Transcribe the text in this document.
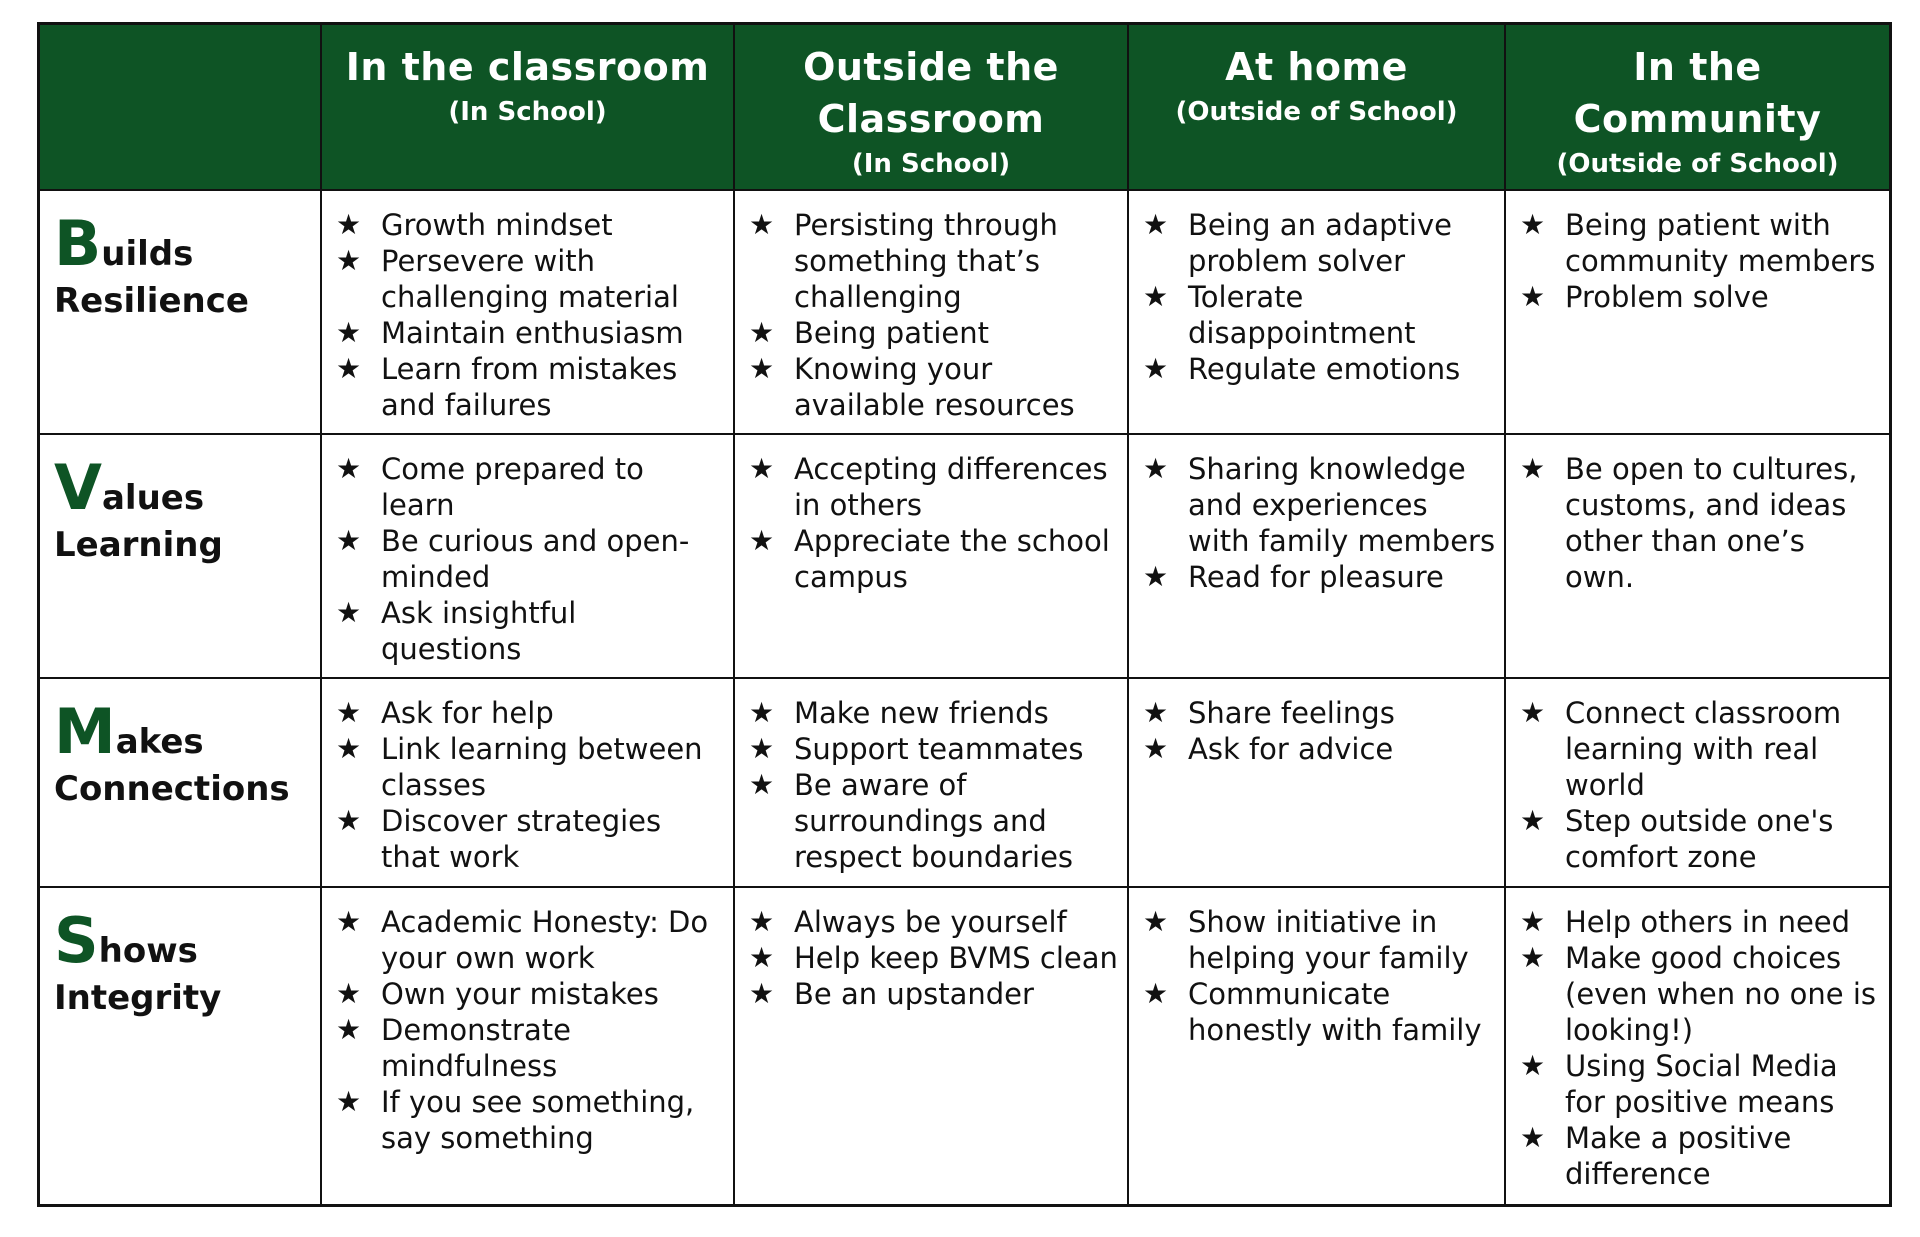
In the classroom
(In School)
Outside the
Classroom
(In School)
At home
(Outside of School)
In the Community
(Outside of School)
B uilds
Resilience
★ Growth mindset
★ Persevere with challenging material
★ Maintain enthusiasm
★ Learn from mistakes and failures
★ Persisting through something that’s challenging
★ Being patient
★ Knowing your available resources
★ Being an adaptive problem solver
★ Tolerate disappointment
★ Regulate emotions
★ Being patient with community members
★ Problem solve
V alues
Learning
★ Come prepared to learn
★ Be curious and open-minded
★ Ask insightful questions
★ Accepting differences in others
★ Appreciate the school campus
★ Sharing knowledge and experiences with family members
★ Read for pleasure
★ Be open to cultures, customs, and ideas other than one’s own.
M akes
Connections
★ Ask for help
★ Link learning between classes
★ Discover strategies that work
★ Make new friends
★ Support teammates
★ Be aware of surroundings and respect boundaries
★ Share feelings
★ Ask for advice
★ Connect classroom learning with real world
★ Step outside one's comfort zone
S hows
Integrity
★ Academic Honesty: Do your own work
★ Own your mistakes
★ Demonstrate mindfulness
★ If you see something, say something
★ Always be yourself
★ Help keep BVMS clean
★ Be an upstander
★ Show initiative in helping your family
★ Communicate honestly with family
★ Help others in need
★ Make good choices (even when no one is looking!)
★ Using Social Media for positive means
★ Make a positive difference
